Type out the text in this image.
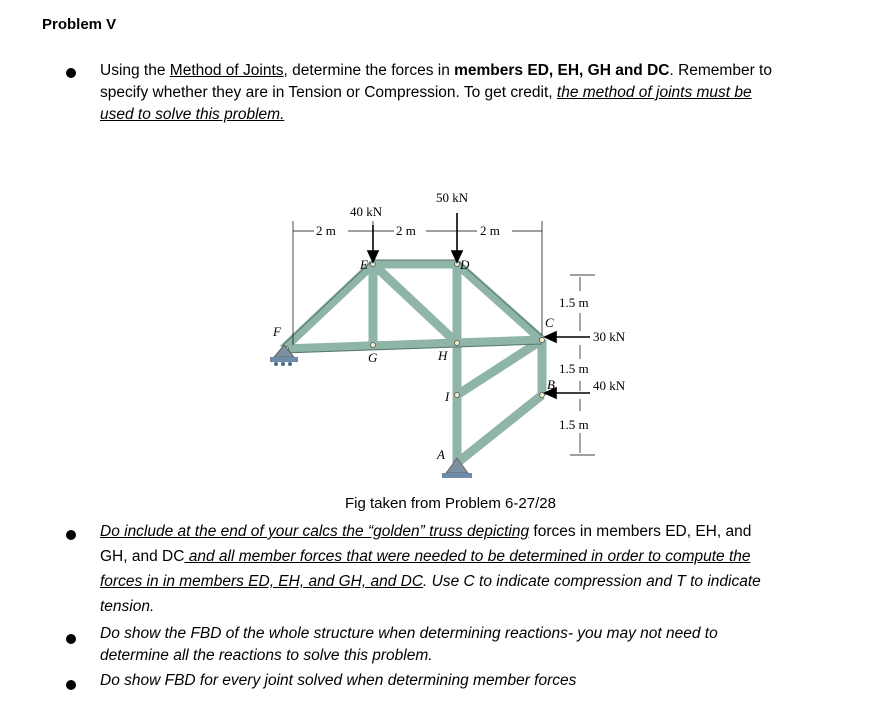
Problem V
Using the Method of Joints, determine the forces in members ED, EH, GH and DC. Remember to
specify whether they are in Tension or Compression. To get credit, the method of joints must be
used to solve this problem.
2 m	2 m	2 m
40 kN
50 kN
30 kN
40 kN
1.5 m
1.5 m
1.5 m
E	D
C
B
F
G	H
I
A
Fig taken from Problem 6-27/28
Do include at the end of your calcs the “golden” truss depicting forces in members ED, EH, and
GH, and DC and all member forces that were needed to be determined in order to compute the
forces in in members ED, EH, and GH, and DC. Use C to indicate compression and T to indicate
tension.
Do show the FBD of the whole structure when determining reactions- you may not need to
determine all the reactions to solve this problem.
Do show FBD for every joint solved when determining member forces
